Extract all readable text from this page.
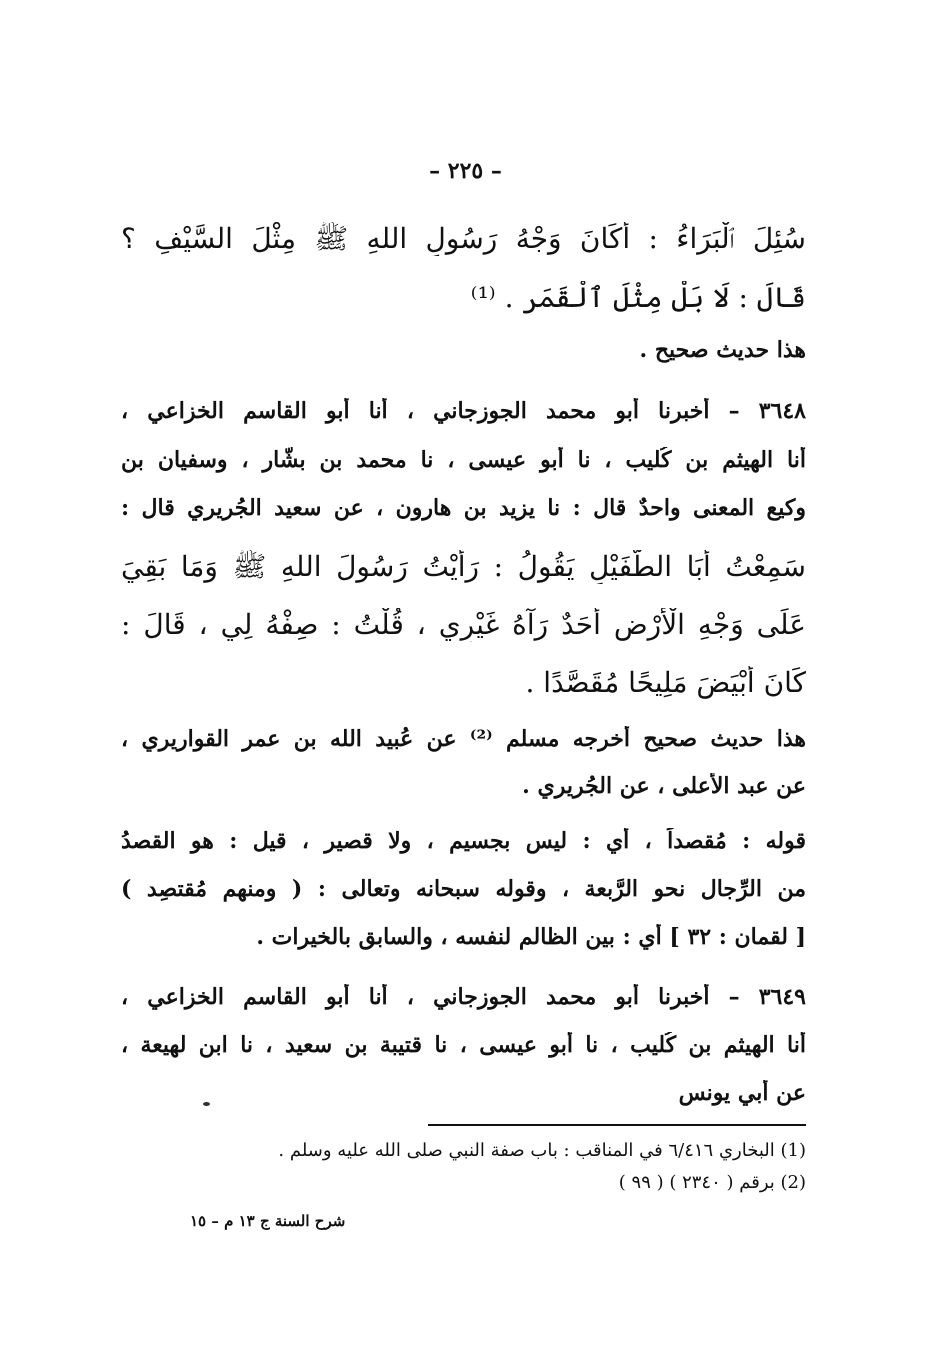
– ٢٢٥ –
سُئِلَ ٱلْبَرَاءُ : أَكَانَ وَجْهُ رَسُولِ اللهِ ﷺ مِثْلَ السَّيْفِ ؟
قَالَ : لَا بَلْ مِثْلَ ٱلْقَمَرِ . ⁽¹⁾
هذا حديث صحيح .
٣٦٤٨ – أخبرنا أبو محمد الجوزجاني ، أنا أبو القاسم الخزاعي ،
أنا الهيثم بن كُليب ، نا أبو عيسى ، نا محمد بن بشّار ، وسفيان بن
وكيع المعنى واحدٌ قال : نا يزيد بن هارون ، عن سعيد الجُريري قال :
سَمِعْتُ أَبَا الطُّفَيْلِ يَقُولُ : رَأَيْتُ رَسُولَ اللهِ ﷺ وَمَا بَقِيَ
عَلَى وَجْهِ الْأَرْضِ أَحَدٌ رَآهُ غَيْرِي ، قُلْتُ : صِفْهُ لِي ، قَالَ :
كَانَ أَبْيَضَ مَلِيحًا مُقَصَّدًا .
هذا حديث صحيح أخرجه مسلم ⁽²⁾ عن عُبيد الله بن عمر القواريري ،
عن عبد الأعلى ، عن الجُريري .
قوله : مُقصداً ، أي : ليس بجسيم ، ولا قصير ، قيل : هو القصدُ
من الرِّجال نحو الرَّبعة ، وقوله سبحانه وتعالى : ( ومنهم مُقتصِد )
[ لقمان : ٣٢ ] أي : بين الظالم لنفسه ، والسابق بالخيرات .
٣٦٤٩ – أخبرنا أبو محمد الجوزجاني ، أنا أبو القاسم الخزاعي ،
أنا الهيثم بن كُليب ، نا أبو عيسى ، نا قتيبة بن سعيد ، نا ابن لهيعة ،
عن أبي يونس
(1) البخاري ٦/٤١٦ في المناقب : باب صفة النبي صلى الله عليه وسلم .
(2) برقم ( ٢٣٤٠ ) ( ٩٩ )
شرح السنة ج ١٣ م – ١٥
